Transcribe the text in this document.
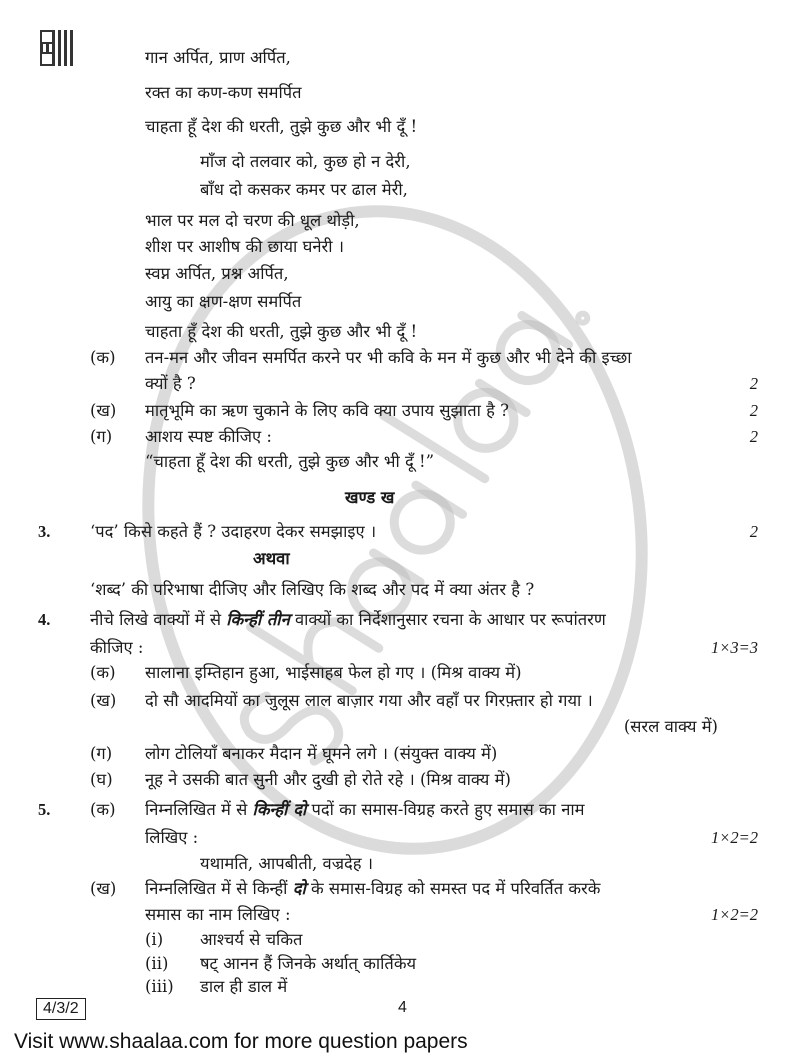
गान अर्पित, प्राण अर्पित,
रक्त का कण-कण समर्पित
चाहता हूँ देश की धरती, तुझे कुछ और भी दूँ !
माँज दो तलवार को, कुछ हो न देरी,
बाँध दो कसकर कमर पर ढाल मेरी,
भाल पर मल दो चरण की धूल थोड़ी,
शीश पर आशीष की छाया घनेरी ।
स्वप्न अर्पित, प्रश्न अर्पित,
आयु का क्षण-क्षण समर्पित
चाहता हूँ देश की धरती, तुझे कुछ और भी दूँ !
(क) तन-मन और जीवन समर्पित करने पर भी कवि के मन में कुछ और भी देने की इच्छा
क्यों है ?	2
(ख) मातृभूमि का ऋण चुकाने के लिए कवि क्या उपाय सुझाता है ?	2
(ग) आशय स्पष्ट कीजिए :	2
“चाहता हूँ देश की धरती, तुझे कुछ और भी दूँ !”
खण्ड ख
3. ‘पद’ किसे कहते हैं ? उदाहरण देकर समझाइए ।	2
अथवा
‘शब्द’ की परिभाषा दीजिए और लिखिए कि शब्द और पद में क्या अंतर है ?
4. नीचे लिखे वाक्यों में से किन्हीं तीन वाक्यों का निर्देशानुसार रचना के आधार पर रूपांतरण
कीजिए :	1×3=3
(क) सालाना इम्तिहान हुआ, भाईसाहब फेल हो गए । (मिश्र वाक्य में)
(ख) दो सौ आदमियों का जुलूस लाल बाज़ार गया और वहाँ पर गिरफ़्तार हो गया ।
(सरल वाक्य में)
(ग) लोग टोलियाँ बनाकर मैदान में घूमने लगे । (संयुक्त वाक्य में)
(घ) नूह ने उसकी बात सुनी और दुखी हो रोते रहे । (मिश्र वाक्य में)
5. (क) निम्नलिखित में से किन्हीं दो पदों का समास-विग्रह करते हुए समास का नाम
लिखिए :	1×2=2
यथामति, आपबीती, वज्रदेह ।
(ख) निम्नलिखित में से किन्हीं दो के समास-विग्रह को समस्त पद में परिवर्तित करके
समास का नाम लिखिए :	1×2=2
(i) आश्चर्य से चकित
(ii) षट् आनन हैं जिनके अर्थात् कार्तिकेय
(iii) डाल ही डाल में
4/3/2	4
Visit www.shaalaa.com for more question papers
